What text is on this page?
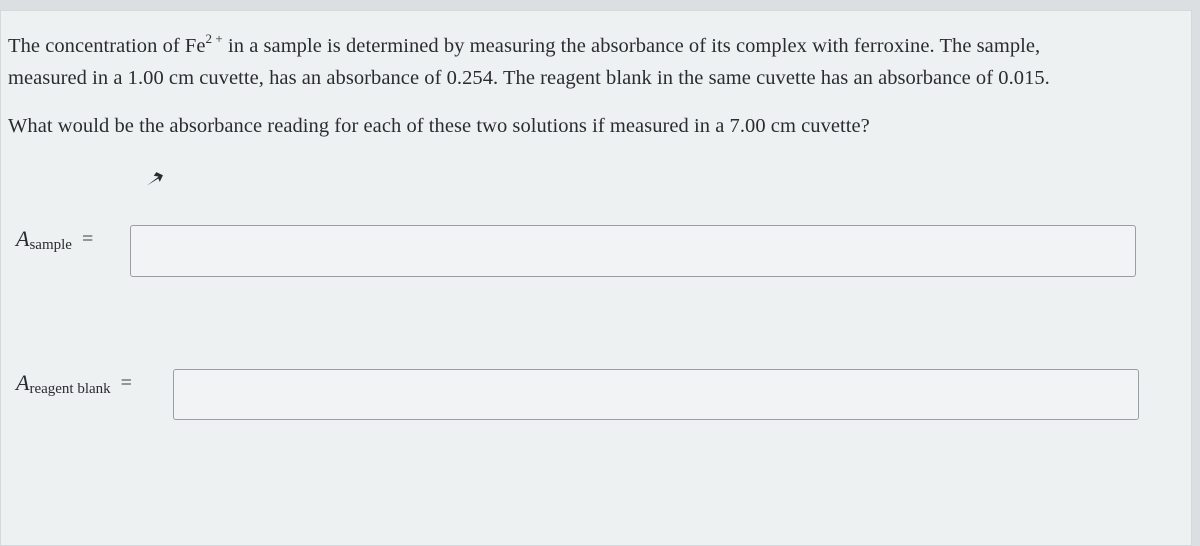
The concentration of $Fe^{2 +}$ in a sample is determined by measuring the absorbance of its complex with ferroxine. The sample,

measured in a 1.00 cm cuvette, has an absorbance of 0.254. The reagent blank in the same cuvette has an absorbance of 0.015.

What would be the absorbance reading for each of these two solutions if measured in a 7.00 cm cuvette?

Asample =
Areagent blank =
